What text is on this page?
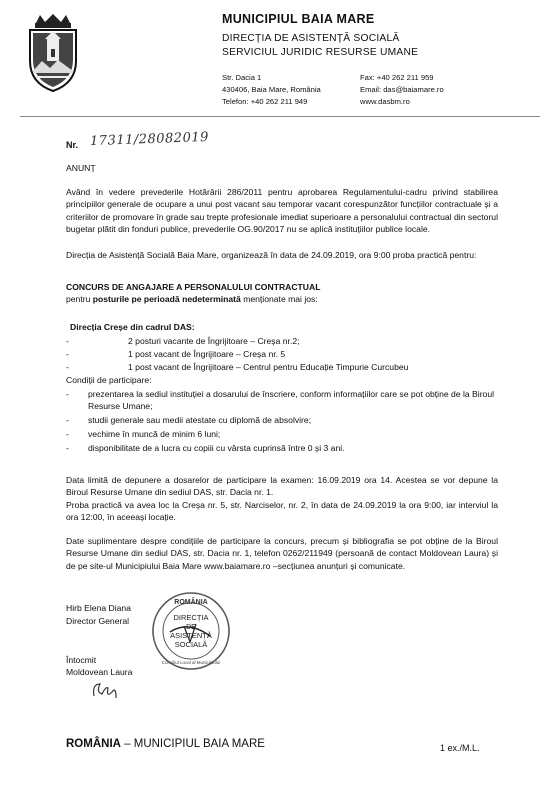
MUNICIPIUL BAIA MARE
DIRECȚIA DE ASISTENȚĂ SOCIALĂ
SERVICIUL JURIDIC RESURSE UMANE
Str. Dacia 1
430406, Baia Mare, România
Telefon: +40 262 211 949
Fax: +40 262 211 959
Email: das@baiamare.ro
www.dasbm.ro
Nr. 17311/28082019
ANUNȚ
Având în vedere prevederile Hotărârii 286/2011 pentru aprobarea Regulamentului-cadru privind stabilirea principiilor generale de ocupare a unui post vacant sau temporar vacant corespunzător funcțiilor contractuale și a criteriilor de promovare în grade sau trepte profesionale imediat superioare a personalului contractual din sectorul bugetar plătit din fonduri publice, prevederile OG.90/2017 nu se aplică instituțiilor publice locale.
Direcția de Asistență Socială Baia Mare, organizează în data de 24.09.2019, ora 9:00 proba practică pentru:
CONCURS DE ANGAJARE A PERSONALULUI CONTRACTUAL
pentru posturile pe perioadă nedeterminată menționate mai jos:
Direcția Creșe din cadrul DAS:
-	2 posturi vacante de Îngrijitoare – Creșa nr.2;
-	1 post vacant de Îngrijitoare – Creșa nr. 5
-	1 post vacant de Îngrijitoare – Centrul pentru Educație Timpurie Curcubeu
Condiții de participare:
- prezentarea la sediul instituției a dosarului de înscriere, conform informațiilor care se pot obține de la Biroul Resurse Umane;
- studii generale sau medii atestate cu diplomă de absolvire;
- vechime în muncă de minim 6 luni;
- disponibilitate de a lucra cu copiii cu vârsta cuprinsă între 0 și 3 ani.
Data limită de depunere a dosarelor de participare la examen: 16.09.2019 ora 14. Acestea se vor depune la Biroul Resurse Umane din sediul DAS, str. Dacia nr. 1.
Proba practică va avea loc la Creșa nr. 5, str. Narciselor, nr. 2, în data de 24.09.2019 la ora 9:00, iar interviul la ora 12:00, în aceeași locație.
Date suplimentare despre condițiile de participare la concurs, precum și bibliografia se pot obține de la Biroul Resurse Umane din sediul DAS, str. Dacia nr. 1, telefon 0262/211949 (persoană de contact Moldovean Laura) și de pe site-ul Municipiului Baia Mare www.baiamare.ro –secțiunea anunțuri și comunicate.
Hirb Elena Diana
Director General
ROMÂNIA
DIRECȚIA
DE
ASISTENȚĂ
SOCIALĂ
Consiliul Local al Municipiului
Întocmit
Moldovean Laura
ROMÂNIA – MUNICIPIUL BAIA MARE	1 ex./M.L.
